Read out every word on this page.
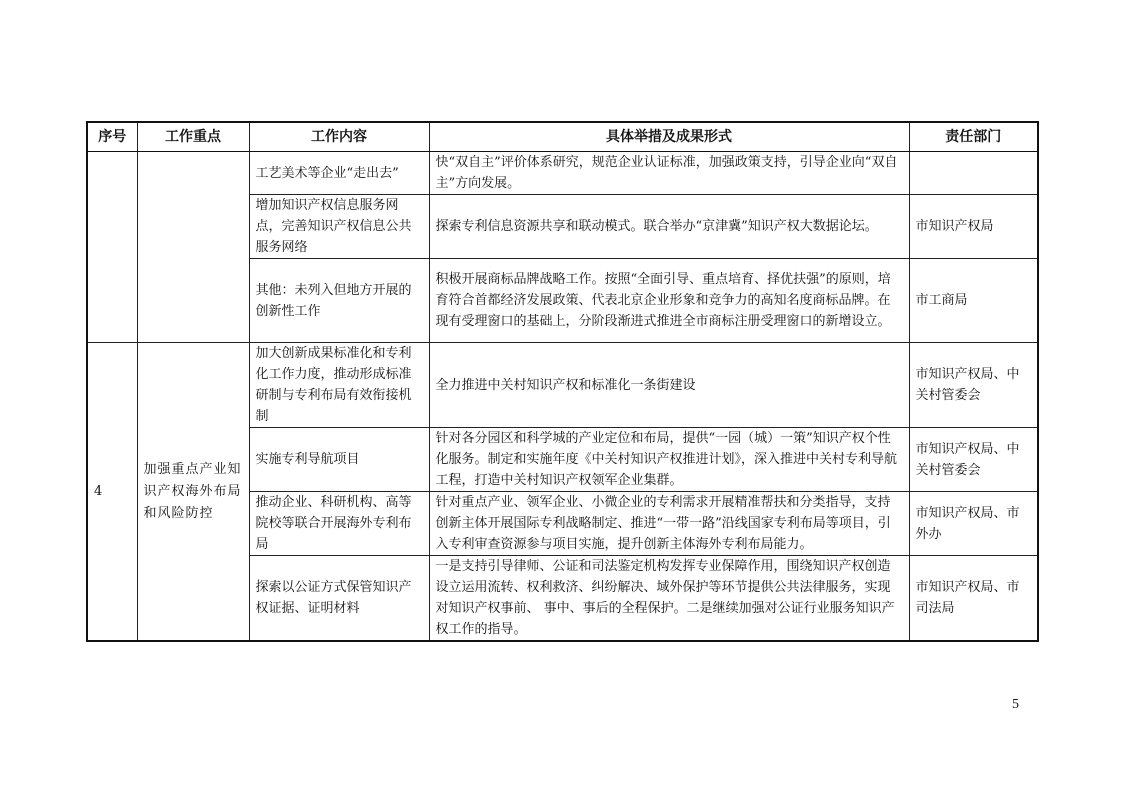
序号	工作重点	工作内容	具体举措及成果形式	责任部门
		工艺美术等企业“走出去”	快“双自主”评价体系研究，规范企业认证标准，加强政策支持，引导企业向“双自主”方向发展。	
		增加知识产权信息服务网点，完善知识产权信息公共服务网络	探索专利信息资源共享和联动模式。联合举办“京津冀”知识产权大数据论坛。	市知识产权局
		其他：未列入但地方开展的创新性工作	积极开展商标品牌战略工作。按照“全面引导、重点培育、择优扶强”的原则，培育符合首都经济发展政策、代表北京企业形象和竞争力的高知名度商标品牌。在现有受理窗口的基础上，分阶段渐进式推进全市商标注册受理窗口的新增设立。	市工商局
4	加强重点产业知识产权海外布局和风险防控	加大创新成果标准化和专利化工作力度，推动形成标准研制与专利布局有效衔接机制	全力推进中关村知识产权和标准化一条街建设	市知识产权局、中关村管委会
		实施专利导航项目	针对各分园区和科学城的产业定位和布局，提供“一园（城）一策”知识产权个性化服务。制定和实施年度《中关村知识产权推进计划》，深入推进中关村专利导航工程，打造中关村知识产权领军企业集群。	市知识产权局、中关村管委会
		推动企业、科研机构、高等院校等联合开展海外专利布局	针对重点产业、领军企业、小微企业的专利需求开展精准帮扶和分类指导，支持创新主体开展国际专利战略制定、推进“一带一路”沿线国家专利布局等项目，引入专利审查资源参与项目实施，提升创新主体海外专利布局能力。	市知识产权局、市外办
		探索以公证方式保管知识产权证据、证明材料	一是支持引导律师、公证和司法鉴定机构发挥专业保障作用，围绕知识产权创造设立运用流转、权利救济、纠纷解决、域外保护等环节提供公共法律服务，实现对知识产权事前、 事中、事后的全程保护。二是继续加强对公证行业服务知识产权工作的指导。	市知识产权局、市司法局
5
